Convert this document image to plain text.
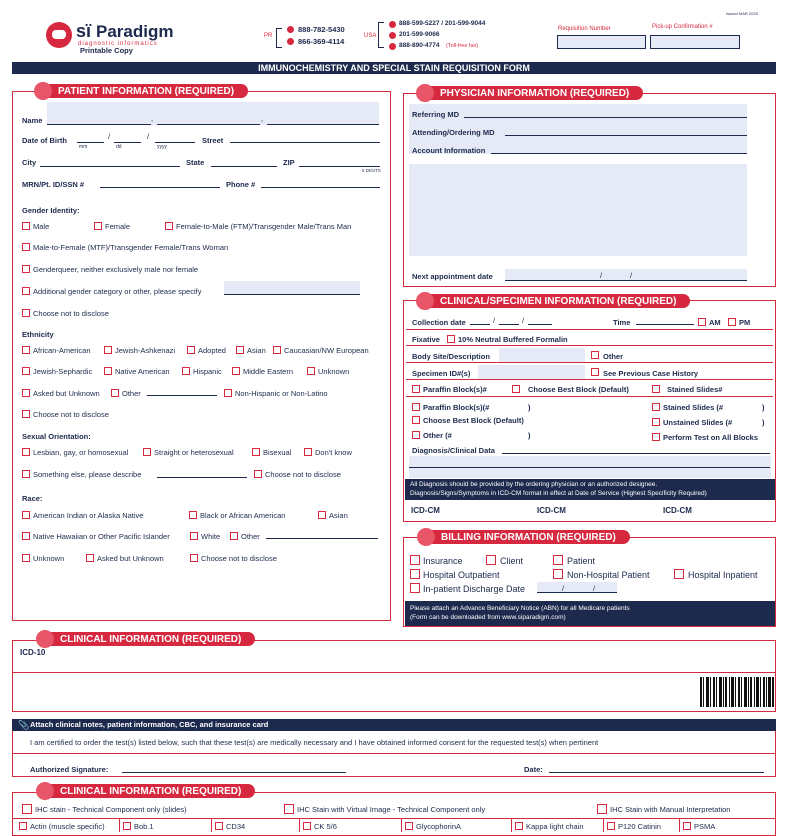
sï Paradigm
diagnostic informatics
Printable Copy
PR
888-782-5430
866-369-4114
USA
888-599-5227 / 201-599-9044
201-599-9066
888-890-4774 (Toll-free fax)
Issued MAR 2025
Requisition Number	Pick-up Confirmation #
IMMUNOCHEMISTRY AND SPECIAL STAIN REQUISITION FORM
PATIENT INFORMATION (REQUIRED)
Name	,	,
Date of Birth	/	/
mm	dd	yyyy
Street
City	State	ZIP
5 DIGITS
MRN/Pt. ID/SSN #	Phone #
Gender Identity:
Male	Female	Female-to-Male (FTM)/Transgender Male/Trans Man
Male-to-Female (MTF)/Transgender Female/Trans Woman
Genderqueer, neither exclusively male nor female
Additional gender category or other, please specify
Choose not to disclose
Ethnicity
African-American	Jewish-Ashkenazi	Adopted	Asian Caucasian/NW European
Jewish-Sephardic	Native American	Hispanic	Middle Eastern	Unknown
Asked but Unknown	Other	Non-Hispanic or Non-Latino
Choose not to disclose
Sexual Orientation:
Lesbian, gay, or homosexual	Straight or heterosexual	Bisexual	Don't know
Something else, please describe	Choose not to disclose
Race:
American Indian or Alaska Native	Black or African American	Asian
Native Hawaiian or Other Pacific Islander	White	Other
Unknown	Asked but Unknown	Choose not to disclose
PHYSICIAN INFORMATION (REQUIRED)
Referring MD
Attending/Ordering MD
Account Information
Next appointment date	/	/
CLINICAL/SPECIMEN INFORMATION (REQUIRED)
Collection date	/	/	Time	AM PM
Fixative 10% Neutral Buffered Formalin
Body Site/Description	Other
Specimen ID#(s)	See Previous Case History
Paraffin Block(s)#	Choose Best Block (Default)	Stained Slides#
Paraffin Block(s)(#	)
Choose Best Block (Default)
Other (#	)
Stained Slides (#	)
Unstained Slides (#	)
Perform Test on All Blocks
Diagnosis/Clinical Data
All Diagnosis should be provided by the ordering physician or an authorized designee.
Diagnosis/Signs/Symptoms in ICD-CM format in effect at Date of Service (Highest Specificity Required)
ICD-CM	ICD-CM	ICD-CM
BILLING INFORMATION (REQUIRED)
Insurance	Client	Patient
Hospital Outpatient	Non-Hospital Patient	Hospital Inpatient
In-patient Discharge Date	/	/
Please attach an Advance Beneficiary Notice (ABN) for all Medicare patients
(Form can be downloaded from www.siparadigm.com)
CLINICAL INFORMATION (REQUIRED)
ICD-10
📎 Attach clinical notes, patient information, CBC, and insurance card
I am certified to order the test(s) listed below, such that these test(s) are medically necessary and I have obtained informed consent for the requested test(s) when pertinent
Authorized Signature:	Date:
CLINICAL INFORMATION (REQUIRED)
IHC stain - Technical Component only (slides)	IHC Stain with Virtual Image - Technical Component only	IHC Stain with Manual Interpretation
Actin (muscle specific)	Bob.1	CD34	CK 5/6	GlycophorinA	Kappa light chain	P120 Catinin	PSMA
